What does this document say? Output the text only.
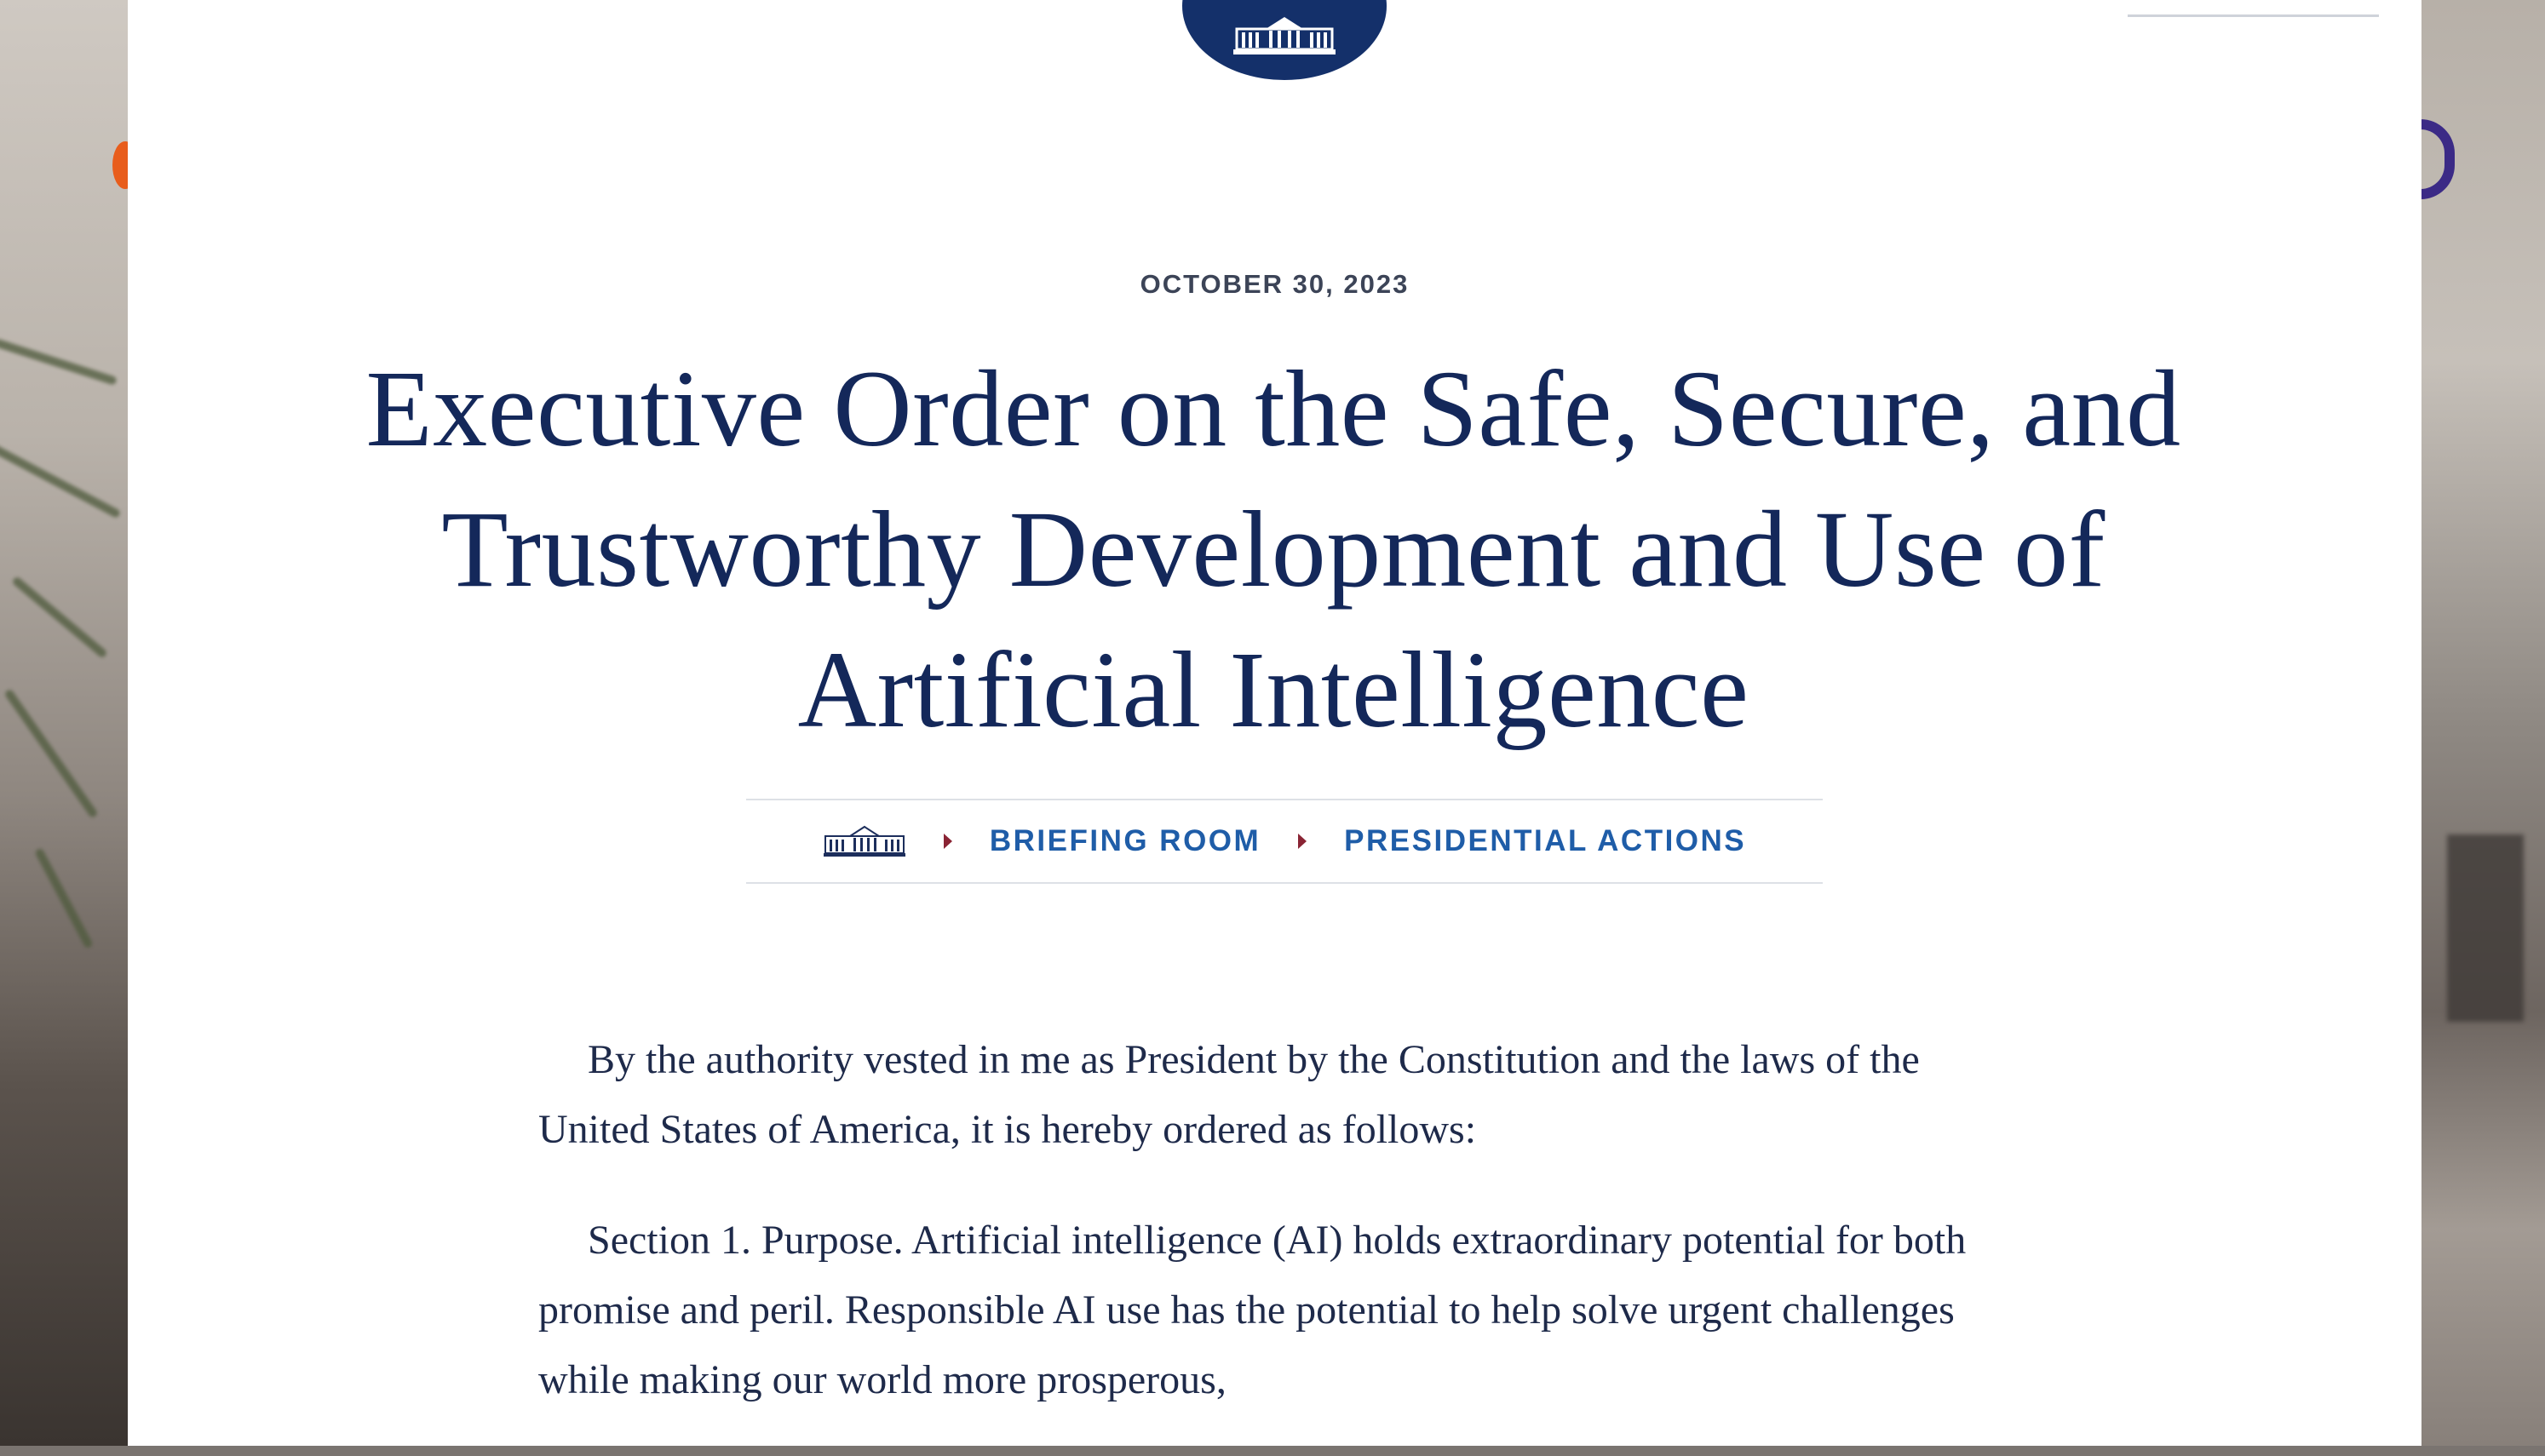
OCTOBER 30, 2023
Executive Order on the Safe, Secure, and Trustworthy Development and Use of Artificial Intelligence
BRIEFING ROOM	PRESIDENTIAL ACTIONS

By the authority vested in me as President by the Constitution and the laws of the United States of America, it is hereby ordered as follows:

Section 1. Purpose. Artificial intelligence (AI) holds extraordinary potential for both promise and peril. Responsible AI use has the potential to help solve urgent challenges while making our world more prosperous,
